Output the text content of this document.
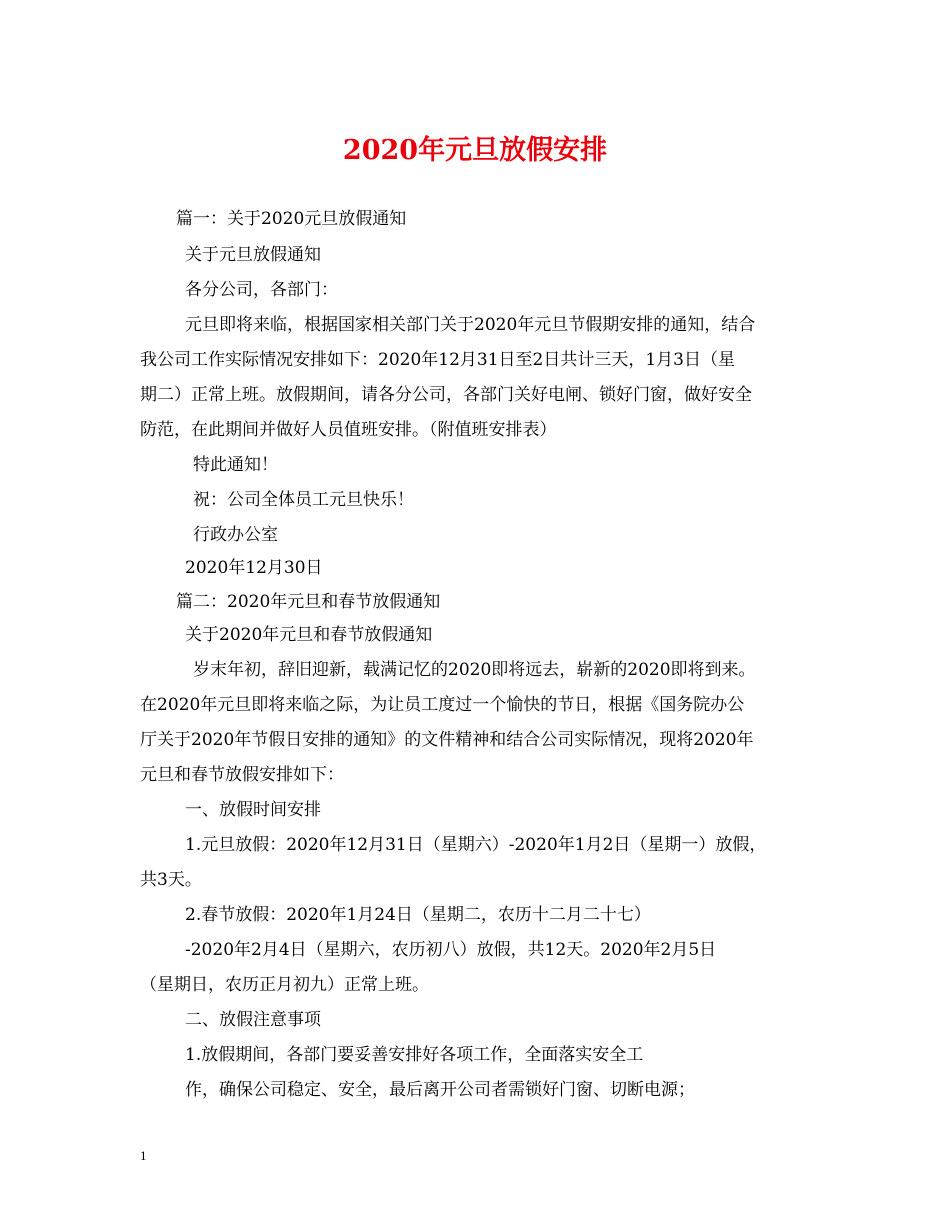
2020年元旦放假安排
篇一：关于2020元旦放假通知
关于元旦放假通知
各分公司，各部门：
元旦即将来临，根据国家相关部门关于2020年元旦节假期安排的通知，结合
我公司工作实际情况安排如下：2020年12月31日至2日共计三天，1月3日（星
期二）正常上班。放假期间，请各分公司，各部门关好电闸、锁好门窗，做好安全
防范，在此期间并做好人员值班安排。（附值班安排表）
特此通知！
祝：公司全体员工元旦快乐！
行政办公室
2020年12月30日
篇二：2020年元旦和春节放假通知
关于2020年元旦和春节放假通知
岁末年初，辞旧迎新，载满记忆的2020即将远去，崭新的2020即将到来。
在2020年元旦即将来临之际，为让员工度过一个愉快的节日，根据《国务院办公
厅关于2020年节假日安排的通知》的文件精神和结合公司实际情况，现将2020年
元旦和春节放假安排如下：
一、放假时间安排
1.元旦放假：2020年12月31日（星期六）-2020年1月2日（星期一）放假，
共3天。
2.春节放假：2020年1月24日（星期二，农历十二月二十七）
-2020年2月4日（星期六，农历初八）放假，共12天。2020年2月5日
（星期日，农历正月初九）正常上班。
二、放假注意事项
1.放假期间，各部门要妥善安排好各项工作，全面落实安全工
作，确保公司稳定、安全，最后离开公司者需锁好门窗、切断电源；
1
